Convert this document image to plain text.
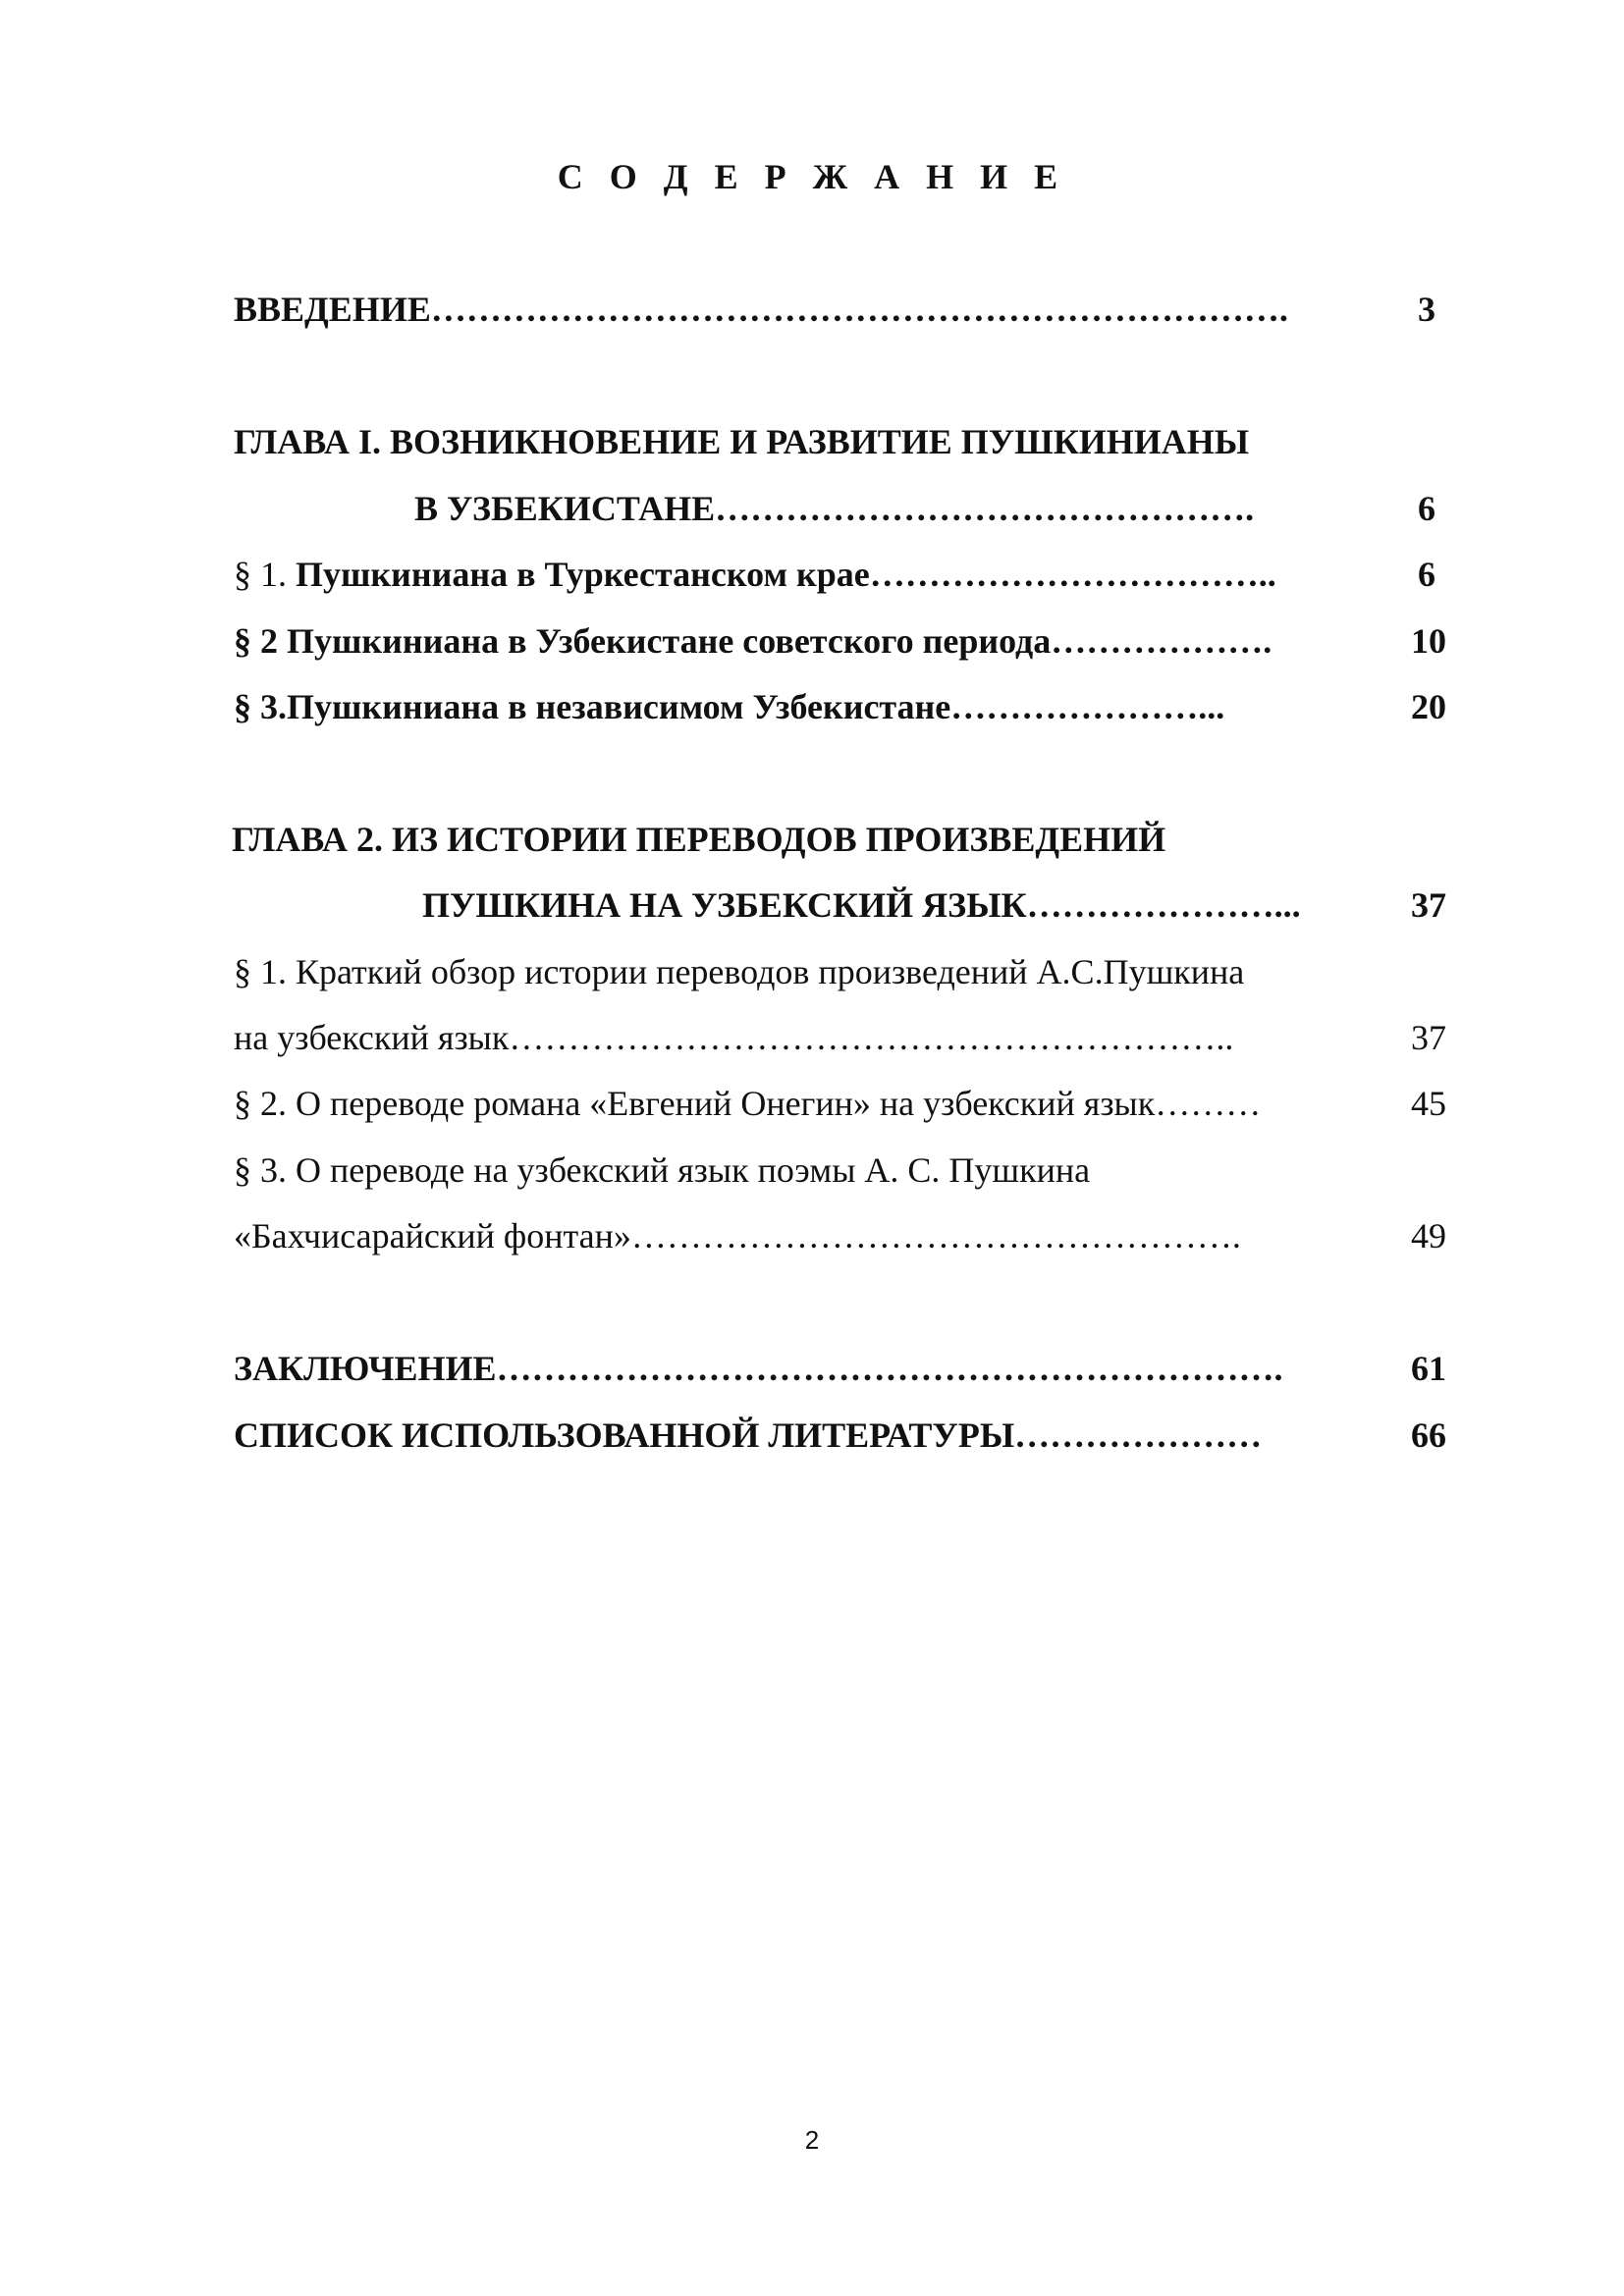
С О Д Е Р Ж А Н И Е
ВВЕДЕНИЕ……………………………………………………………….	3
ГЛАВА I. ВОЗНИКНОВЕНИЕ И РАЗВИТИЕ ПУШКИНИАНЫ
В УЗБЕКИСТАНЕ……………………………………….	6
§ 1. Пушкиниана в Туркестанском крае……………………………..	6
§ 2 Пушкиниана в Узбекистане советского периода……………….	10
§ 3.Пушкиниана в независимом Узбекистане…………………...	20
ГЛАВА 2. ИЗ ИСТОРИИ ПЕРЕВОДОВ ПРОИЗВЕДЕНИЙ
ПУШКИНА НА УЗБЕКСКИЙ ЯЗЫК…………………...	37
§ 1. Краткий обзор истории переводов произведений А.С.Пушкина
на узбекский язык……………………………………………………..	37
§ 2. О переводе романа «Евгений Онегин» на узбекский язык………	45
§ 3. О переводе на узбекский язык поэмы А. С. Пушкина
«Бахчисарайский фонтан»…………………………………………….	49
ЗАКЛЮЧЕНИЕ………………………………………………………….	61
СПИСОК ИСПОЛЬЗОВАННОЙ ЛИТЕРАТУРЫ…………………	66
2
